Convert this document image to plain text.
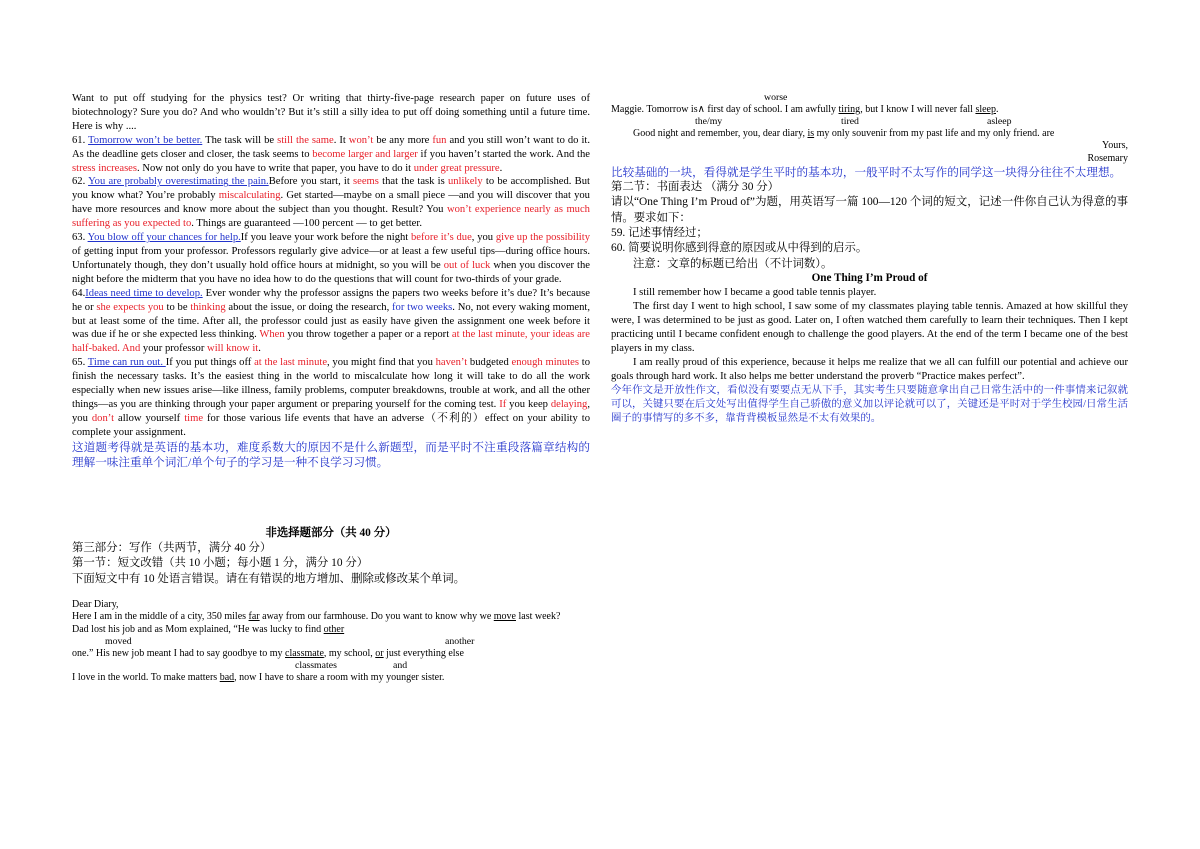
Want to put off studying for the physics test? Or writing that thirty-five-page research paper on future uses of biotechnology? Sure you do? And who wouldn’t? But it’s still a silly idea to put off doing something until a future time. Here is why ....

61. Tomorrow won’t be better. The task will be still the same. It won’t be any more fun and you still won’t want to do it. As the deadline gets closer and closer, the task seems to become larger and larger if you haven’t started the work. And the stress increases. Now not only do you have to write that paper, you have to do it under great pressure.

62. You are probably overestimating the pain.Before you start, it seems that the task is unlikely to be accomplished. But you know what? You’re probably miscalculating. Get started—maybe on a small piece —and you will discover that you have more resources and know more about the subject than you thought. Result? You won’t experience nearly as much suffering as you expected to. Things are guaranteed —100 percent — to get better.

63. You blow off your chances for help.If you leave your work before the night before it’s due, you give up the possibility of getting input from your professor. Professors regularly give advice—or at least a few useful tips—during office hours. Unfortunately though, they don’t usually hold office hours at midnight, so you will be out of luck when you discover the night before the midterm that you have no idea how to do the questions that will count for two-thirds of your grade.

64.Ideas need time to develop. Ever wonder why the professor assigns the papers two weeks before it’s due? It’s because he or she expects you to be thinking about the issue, or doing the research, for two weeks. No, not every waking moment, but at least some of the time. After all, the professor could just as easily have given the assignment one week before it was due if he or she expected less thinking. When you throw together a paper or a report at the last minute, your ideas are half-baked. And your professor will know it.

65. Time can run out. If you put things off at the last minute, you might find that you haven’t budgeted enough minutes to finish the necessary tasks. It’s the easiest thing in the world to miscalculate how long it will take to do all the work especially when new issues arise—like illness, family problems, computer breakdowns, trouble at work, and all the other things—as you are thinking through your paper argument or preparing yourself for the coming test. If you keep delaying, you don’t allow yourself time for those various life events that have an adverse（不利的）effect on your ability to complete your assignment.

这道题考得就是英语的基本功，难度系数大的原因不是什么新题型，而是平时不注重段落篇章结构的理解一味注重单个词汇/单个句子的学习是一种不良学习习惯。

非选择题部分（共 40 分）

第三部分：写作（共两节，满分 40 分）

第一节：短文改错（共 10 小题；每小题 1 分，满分 10 分）

下面短文中有 10 处语言错误。请在有错误的地方增加、删除或修改某个单词。

Dear Diary,

Here I am in the middle of a city, 350 miles far away from our farmhouse. Do you want to know why we move last week?

Dad lost his job and as Mom explained, “He was lucky to find other

moved	another

one.” His new job meant I had to say goodbye to my classmate, my school, or just everything else

classmates	and

I love in the world. To make matters bad, now I have to share a room with my younger sister.

worse

Maggie. Tomorrow is∧ first day of school. I am awfully tiring, but I know I will never fall sleep.

the/my	tired	asleep

Good night and remember, you, dear diary, is my only souvenir from my past life and my only friend. are

Yours,

Rosemary

比较基础的一块，看得就是学生平时的基本功，一般平时不太写作的同学这一块得分往往不太理想。

第二节：书面表达 （满分 30 分）

请以“One Thing I’m Proud of”为题，用英语写一篇 100—120 个词的短文，记述一件你自己认为得意的事情。要求如下：

59. 记述事情经过；

60. 简要说明你感到得意的原因或从中得到的启示。

注意：文章的标题已给出（不计词数）。

One Thing I’m Proud of

I still remember how I became a good table tennis player.

The first day I went to high school, I saw some of my classmates playing table tennis. Amazed at how skillful they were, I was determined to be just as good. Later on, I often watched them carefully to learn their techniques. Then I kept practicing until I became confident enough to challenge the good players. At the end of the term I became one of the best players in my class.

I am really proud of this experience, because it helps me realize that we all can fulfill our potential and achieve our goals through hard work. It also helps me better understand the proverb “Practice makes perfect”.

今年作文是开放性作文，看似没有要要点无从下手，其实考生只要随意拿出自己日常生活中的一件事情来记叙就可以，关键只要在后文处写出值得学生自己骄傲的意义加以评论就可以了，关键还是平时对于学生校园/日常生活圈子的事情写的多不多，靠背背模板显然是不太有效果的。
